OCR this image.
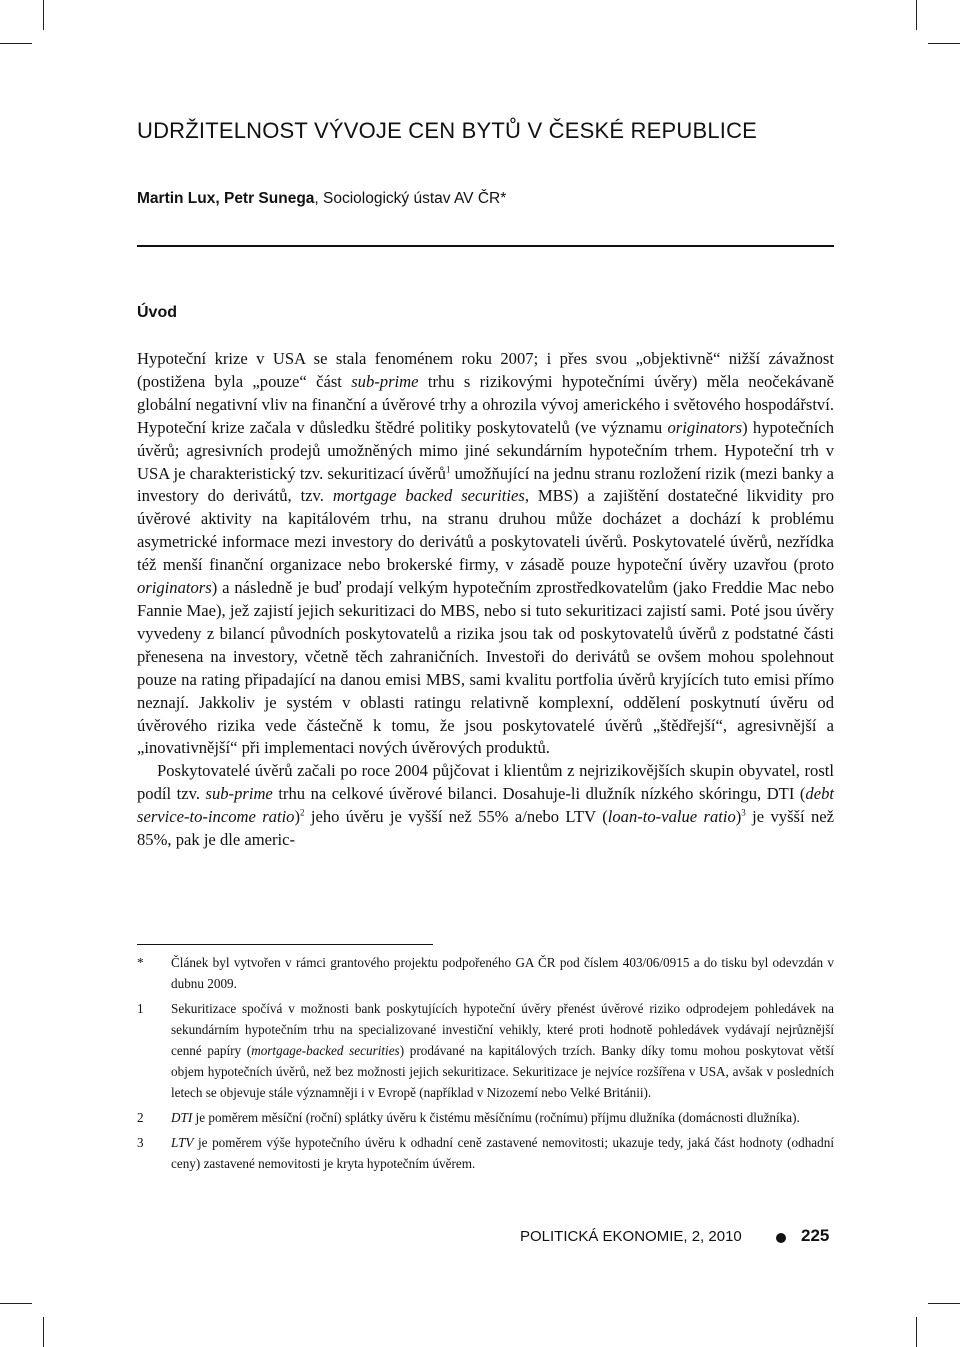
UDRŽITELNOST VÝVOJE CEN BYTŮ V ČESKÉ REPUBLICE
Martin Lux, Petr Sunega, Sociologický ústav AV ČR*
Úvod

Hypoteční krize v USA se stala fenoménem roku 2007; i přes svou „objektivně“ nižší závažnost (postižena byla „pouze“ část sub-prime trhu s rizikovými hypotečními úvěry) měla neočekávaně globální negativní vliv na finanční a úvěrové trhy a ohrozila vývoj amerického i světového hospodářství. Hypoteční krize začala v důsledku štědré politiky poskytovatelů (ve významu originators) hypotečních úvěrů; agresivních prodejů umožněných mimo jiné sekundárním hypotečním trhem. Hypoteční trh v USA je charakteristický tzv. sekuritizací úvěrů$^1$ umožňující na jednu stranu rozložení rizik (mezi banky a investory do derivátů, tzv. mortgage backed securities, MBS) a zajištění dostatečné likvidity pro úvěrové aktivity na kapitálovém trhu, na stranu druhou může docházet a dochází k problému asymetrické informace mezi investory do derivátů a poskytovateli úvěrů. Poskytovatelé úvěrů, nezřídka též menší finanční organizace nebo brokerské firmy, v zásadě pouze hypoteční úvěry uzavřou (proto originators) a následně je buď prodají velkým hypotečním zprostředkovatelům (jako Freddie Mac nebo Fannie Mae), jež zajistí jejich sekuritizaci do MBS, nebo si tuto sekuritizaci zajistí sami. Poté jsou úvěry vyvedeny z bilancí původních poskytovatelů a rizika jsou tak od poskytovatelů úvěrů z podstatné části přenesena na investory, včetně těch zahraničních. Investoři do derivátů se ovšem mohou spolehnout pouze na rating připadající na danou emisi MBS, sami kvalitu portfolia úvěrů kryjících tuto emisi přímo neznají. Jakkoliv je systém v oblasti ratingu relativně komplexní, oddělení poskytnutí úvěru od úvěrového rizika vede částečně k tomu, že jsou poskytovatelé úvěrů „štědřejší“, agresivnější a „inovativnější“ při implementaci nových úvěrových produktů.

Poskytovatelé úvěrů začali po roce 2004 půjčovat i klientům z nejrizikovějších skupin obyvatel, rostl podíl tzv. sub-prime trhu na celkové úvěrové bilanci. Dosahuje-li dlužník nízkého skóringu, DTI (debt service-to-income ratio)$^2$ jeho úvěru je vyšší než 55% a/nebo LTV (loan-to-value ratio)$^3$ je vyšší než 85%, pak je dle americ-

*	Článek byl vytvořen v rámci grantového projektu podpořeného GA ČR pod číslem 403/06/0915 a do tisku byl odevzdán v dubnu 2009.
1	Sekuritizace spočívá v možnosti bank poskytujících hypoteční úvěry přenést úvěrové riziko odprodejem pohledávek na sekundárním hypotečním trhu na specializované investiční vehikly, které proti hodnotě pohledávek vydávají nejrůznější cenné papíry (mortgage-backed securities) prodávané na kapitálových trzích. Banky díky tomu mohou poskytovat větší objem hypotečních úvěrů, než bez možnosti jejich sekuritizace. Sekuritizace je nejvíce rozšířena v USA, avšak v posledních letech se objevuje stále významněji i v Evropě (například v Nizozemí nebo Velké Británii).
2	DTI je poměrem měsíční (roční) splátky úvěru k čistému měsíčnímu (ročnímu) příjmu dlužníka (domácnosti dlužníka).
3	LTV je poměrem výše hypotečního úvěru k odhadní ceně zastavené nemovitosti; ukazuje tedy, jaká část hodnoty (odhadní ceny) zastavené nemovitosti je kryta hypotečním úvěrem.
POLITICKÁ EKONOMIE, 2, 2010	225
